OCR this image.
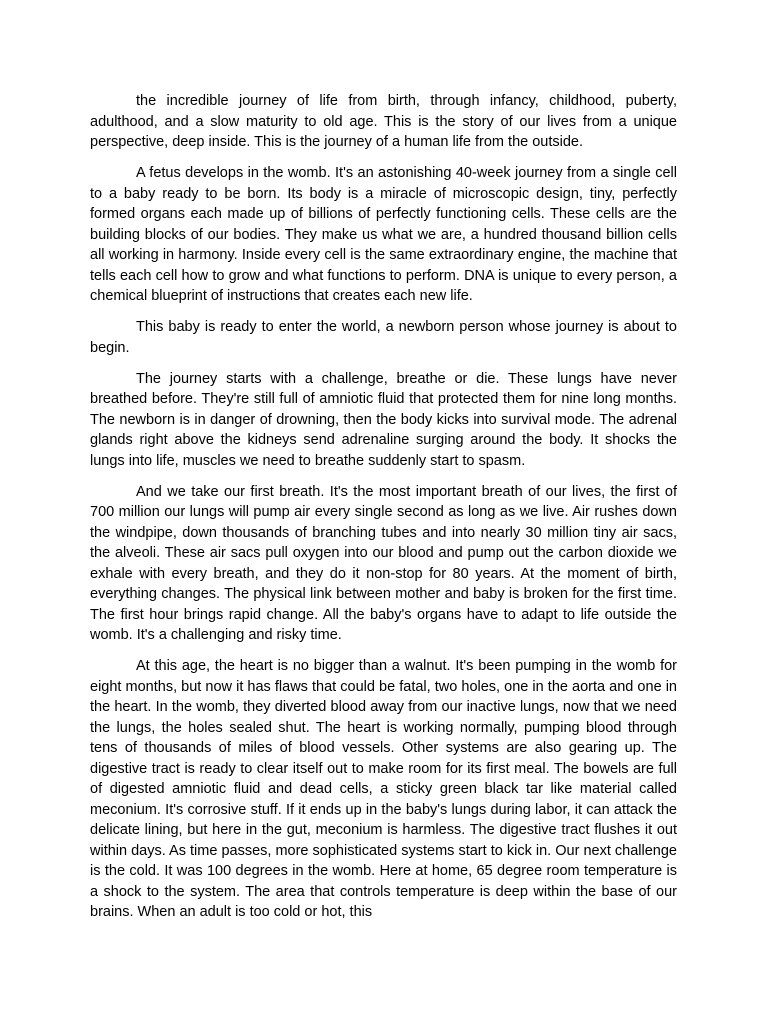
the incredible journey of life from birth, through infancy, childhood, puberty, adulthood, and a slow maturity to old age. This is the story of our lives from a unique perspective, deep inside. This is the journey of a human life from the outside.

A fetus develops in the womb. It's an astonishing 40-week journey from a single cell to a baby ready to be born. Its body is a miracle of microscopic design, tiny, perfectly formed organs each made up of billions of perfectly functioning cells. These cells are the building blocks of our bodies. They make us what we are, a hundred thousand billion cells all working in harmony. Inside every cell is the same extraordinary engine, the machine that tells each cell how to grow and what functions to perform. DNA is unique to every person, a chemical blueprint of instructions that creates each new life.

This baby is ready to enter the world, a newborn person whose journey is about to begin.

The journey starts with a challenge, breathe or die. These lungs have never breathed before. They're still full of amniotic fluid that protected them for nine long months. The newborn is in danger of drowning, then the body kicks into survival mode. The adrenal glands right above the kidneys send adrenaline surging around the body. It shocks the lungs into life, muscles we need to breathe suddenly start to spasm.

And we take our first breath. It's the most important breath of our lives, the first of 700 million our lungs will pump air every single second as long as we live. Air rushes down the windpipe, down thousands of branching tubes and into nearly 30 million tiny air sacs, the alveoli. These air sacs pull oxygen into our blood and pump out the carbon dioxide we exhale with every breath, and they do it non-stop for 80 years. At the moment of birth, everything changes. The physical link between mother and baby is broken for the first time. The first hour brings rapid change. All the baby's organs have to adapt to life outside the womb. It's a challenging and risky time.

At this age, the heart is no bigger than a walnut. It's been pumping in the womb for eight months, but now it has flaws that could be fatal, two holes, one in the aorta and one in the heart. In the womb, they diverted blood away from our inactive lungs, now that we need the lungs, the holes sealed shut. The heart is working normally, pumping blood through tens of thousands of miles of blood vessels. Other systems are also gearing up. The digestive tract is ready to clear itself out to make room for its first meal. The bowels are full of digested amniotic fluid and dead cells, a sticky green black tar like material called meconium. It's corrosive stuff. If it ends up in the baby's lungs during labor, it can attack the delicate lining, but here in the gut, meconium is harmless. The digestive tract flushes it out within days. As time passes, more sophisticated systems start to kick in. Our next challenge is the cold. It was 100 degrees in the womb. Here at home, 65 degree room temperature is a shock to the system. The area that controls temperature is deep within the base of our brains. When an adult is too cold or hot, this
